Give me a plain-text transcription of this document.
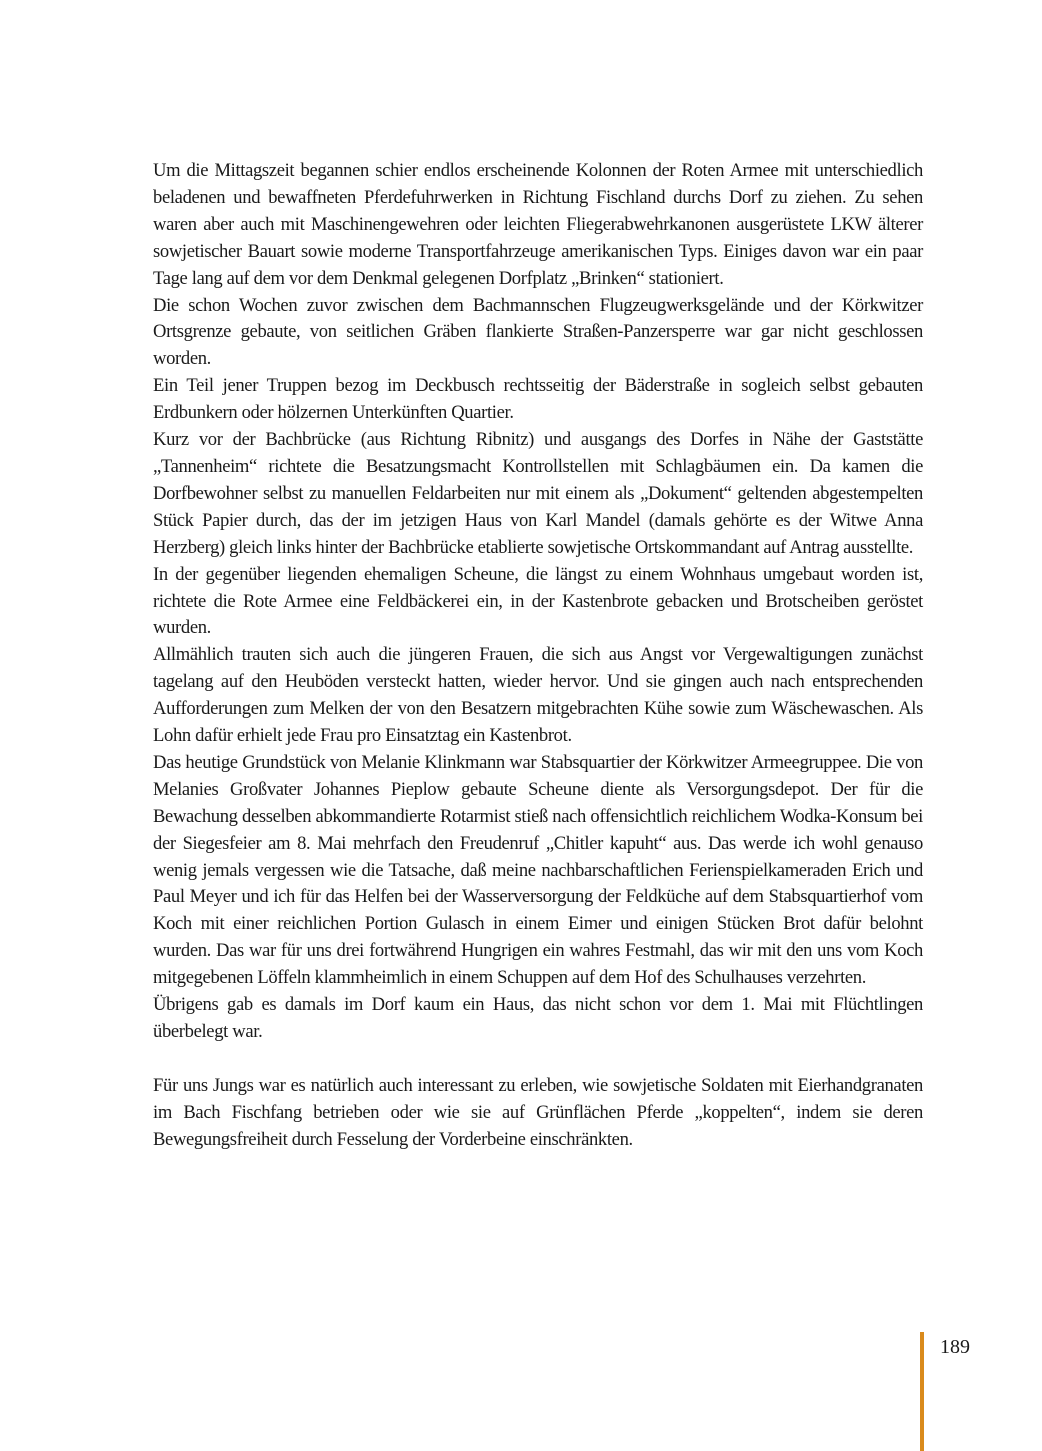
Um die Mittagszeit begannen schier endlos erscheinende Kolonnen der Roten Armee mit unterschiedlich beladenen und bewaffneten Pferdefuhrwerken in Richtung Fischland durchs Dorf zu ziehen. Zu sehen waren aber auch mit Maschinengewehren oder leichten Fliegerabwehrkanonen ausgerüstete LKW älterer sowjetischer Bauart sowie moderne Transportfahrzeuge amerikanischen Typs. Einiges davon war ein paar Tage lang auf dem vor dem Denkmal gelegenen Dorfplatz „Brinken“ stationiert.

Die schon Wochen zuvor zwischen dem Bachmannschen Flugzeugwerksgelände und der Körkwitzer Ortsgrenze gebaute, von seitlichen Gräben flankierte Straßen-Panzersperre war gar nicht geschlossen worden.

Ein Teil jener Truppen bezog im Deckbusch rechtsseitig der Bäderstraße in sogleich selbst gebauten Erdbunkern oder hölzernen Unterkünften Quartier.

Kurz vor der Bachbrücke (aus Richtung Ribnitz) und ausgangs des Dorfes in Nähe der Gaststätte „Tannenheim“ richtete die Besatzungsmacht Kontrollstellen mit Schlagbäumen ein. Da kamen die Dorfbewohner selbst zu manuellen Feldarbeiten nur mit einem als „Dokument“ geltenden abgestempelten Stück Papier durch, das der im jetzigen Haus von Karl Mandel (damals gehörte es der Witwe Anna Herzberg) gleich links hinter der Bachbrücke etablierte sowjetische Ortskommandant auf Antrag ausstellte.

In der gegenüber liegenden ehemaligen Scheune, die längst zu einem Wohnhaus umgebaut worden ist, richtete die Rote Armee eine Feldbäckerei ein, in der Kastenbrote gebacken und Brotscheiben geröstet wurden.

Allmählich trauten sich auch die jüngeren Frauen, die sich aus Angst vor Vergewaltigungen zunächst tagelang auf den Heuböden versteckt hatten, wieder hervor. Und sie gingen auch nach entsprechenden Aufforderungen zum Melken der von den Besatzern mitgebrachten Kühe sowie zum Wäschewaschen. Als Lohn dafür erhielt jede Frau pro Einsatztag ein Kastenbrot.

Das heutige Grundstück von Melanie Klinkmann war Stabsquartier der Körkwitzer Armeegruppee. Die von Melanies Großvater Johannes Pieplow gebaute Scheune diente als Versorgungsdepot. Der für die Bewachung desselben abkommandierte Rotarmist stieß nach offensichtlich reichlichem Wodka-Konsum bei der Siegesfeier am 8. Mai mehrfach den Freudenruf „Chitler kapuht“ aus. Das werde ich wohl genauso wenig jemals vergessen wie die Tatsache, daß meine nachbarschaftlichen Ferienspielkameraden Erich und Paul Meyer und ich für das Helfen bei der Wasserversorgung der Feldküche auf dem Stabsquartierhof vom Koch mit einer reichlichen Portion Gulasch in einem Eimer und einigen Stücken Brot dafür belohnt wurden. Das war für uns drei fortwährend Hungrigen ein wahres Festmahl, das wir mit den uns vom Koch mitgegebenen Löffeln klammheimlich in einem Schuppen auf dem Hof des Schulhauses verzehrten.

Übrigens gab es damals im Dorf kaum ein Haus, das nicht schon vor dem 1. Mai mit Flüchtlingen überbelegt war.

Für uns Jungs war es natürlich auch interessant zu erleben, wie sowjetische Soldaten mit Eierhandgranaten im Bach Fischfang betrieben oder wie sie auf Grünflächen Pferde „koppelten“, indem sie deren Bewegungsfreiheit durch Fesselung der Vorderbeine einschränkten.

189
